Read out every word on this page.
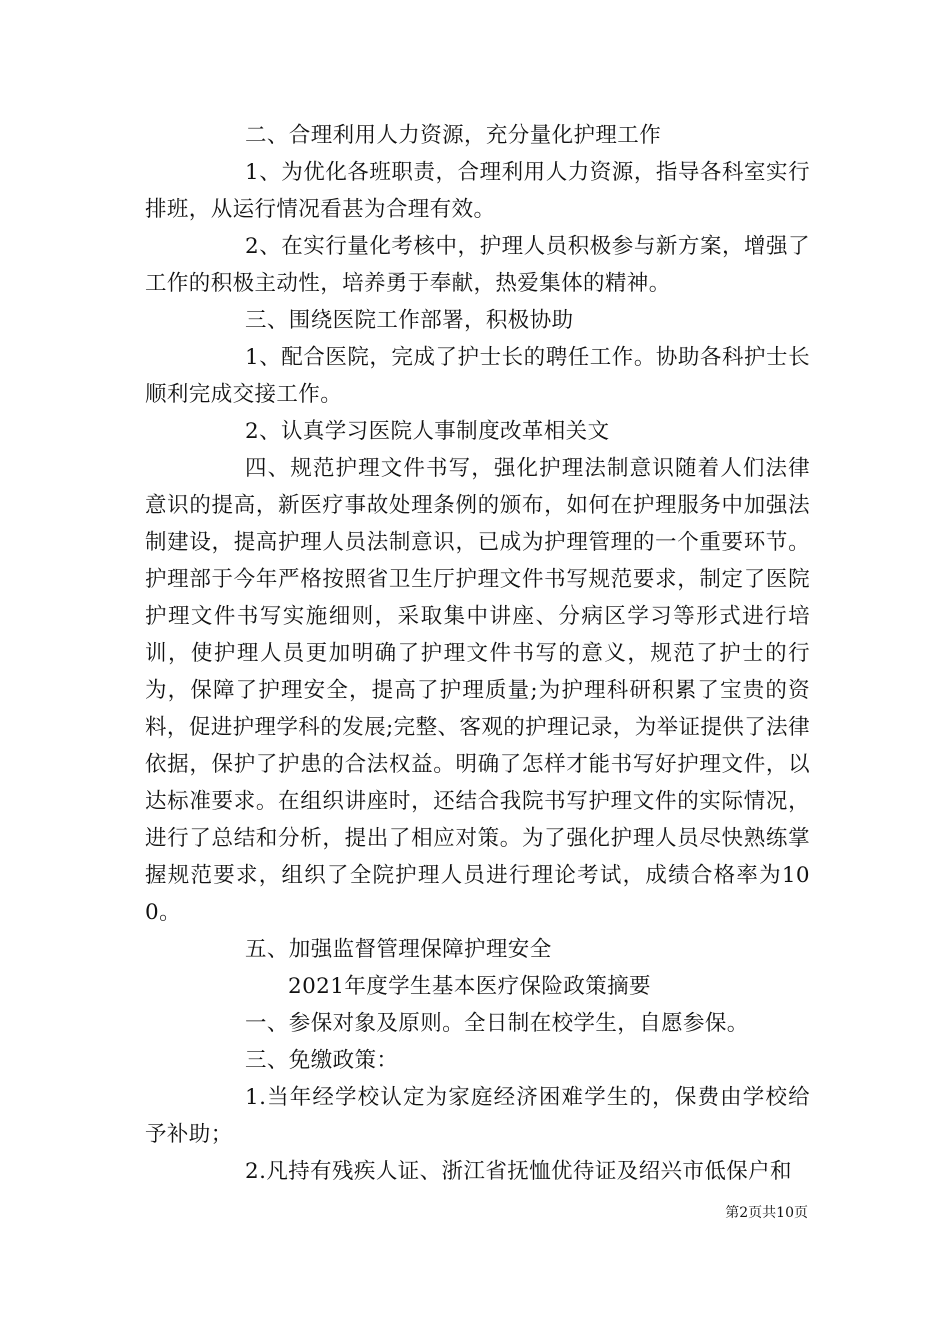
二、合理利用人力资源，充分量化护理工作

1、为优化各班职责，合理利用人力资源，指导各科室实行排班，从运行情况看甚为合理有效。

2、在实行量化考核中，护理人员积极参与新方案，增强了工作的积极主动性，培养勇于奉献，热爱集体的精神。

三、围绕医院工作部署，积极协助

1、配合医院，完成了护士长的聘任工作。协助各科护士长顺利完成交接工作。

2、认真学习医院人事制度改革相关文

四、规范护理文件书写，强化护理法制意识随着人们法律意识的提高，新医疗事故处理条例的颁布，如何在护理服务中加强法制建设，提高护理人员法制意识，已成为护理管理的一个重要环节。护理部于今年严格按照省卫生厅护理文件书写规范要求，制定了医院护理文件书写实施细则，采取集中讲座、分病区学习等形式进行培训，使护理人员更加明确了护理文件书写的意义，规范了护士的行为，保障了护理安全，提高了护理质量;为护理科研积累了宝贵的资料，促进护理学科的发展;完整、客观的护理记录，为举证提供了法律依据，保护了护患的合法权益。明确了怎样才能书写好护理文件，以达标准要求。在组织讲座时，还结合我院书写护理文件的实际情况，进行了总结和分析，提出了相应对策。为了强化护理人员尽快熟练掌握规范要求，组织了全院护理人员进行理论考试，成绩合格率为100。

五、加强监督管理保障护理安全

2021年度学生基本医疗保险政策摘要

一、参保对象及原则。全日制在校学生，自愿参保。

三、免缴政策：

1.当年经学校认定为家庭经济困难学生的，保费由学校给予补助；

2.凡持有残疾人证、浙江省抚恤优待证及绍兴市低保户和

第2页共10页
